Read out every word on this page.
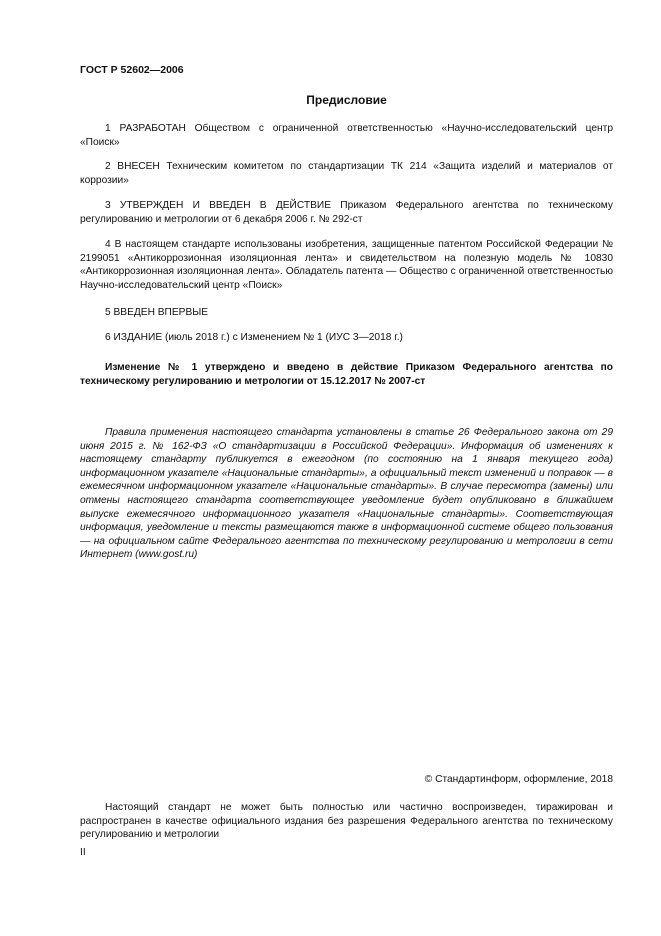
ГОСТ Р 52602—2006
Предисловие

1 РАЗРАБОТАН Обществом с ограниченной ответственностью «Научно-исследовательский центр «Поиск»

2 ВНЕСЕН Техническим комитетом по стандартизации ТК 214 «Защита изделий и материалов от коррозии»

3 УТВЕРЖДЕН И ВВЕДЕН В ДЕЙСТВИЕ Приказом Федерального агентства по техническому регулированию и метрологии от 6 декабря 2006 г. № 292-ст

4 В настоящем стандарте использованы изобретения, защищенные патентом Российской Федерации № 2199051 «Антикоррозионная изоляционная лента» и свидетельством на полезную модель № 10830 «Антикоррозионная изоляционная лента». Обладатель патента — Общество с ограниченной ответственностью Научно-исследовательский центр «Поиск»

5 ВВЕДЕН ВПЕРВЫЕ

6 ИЗДАНИЕ (июль 2018 г.) с Изменением № 1 (ИУС 3—2018 г.)

Изменение № 1 утверждено и введено в действие Приказом Федерального агентства по техническому регулированию и метрологии от 15.12.2017 № 2007-ст

Правила применения настоящего стандарта установлены в статье 26 Федерального закона от 29 июня 2015 г. № 162-ФЗ «О стандартизации в Российской Федерации». Информация об изменениях к настоящему стандарту публикуется в ежегодном (по состоянию на 1 января текущего года) информационном указателе «Национальные стандарты», а официальный текст изменений и поправок — в ежемесячном информационном указателе «Национальные стандарты». В случае пересмотра (замены) или отмены настоящего стандарта соответствующее уведомление будет опубликовано в ближайшем выпуске ежемесячного информационного указателя «Национальные стандарты». Соответствующая информация, уведомление и тексты размещаются также в информационной системе общего пользования — на официальном сайте Федерального агентства по техническому регулированию и метрологии в сети Интернет (www.gost.ru)

© Стандартинформ, оформление, 2018

Настоящий стандарт не может быть полностью или частично воспроизведен, тиражирован и распространен в качестве официального издания без разрешения Федерального агентства по техническому регулированию и метрологии

II
